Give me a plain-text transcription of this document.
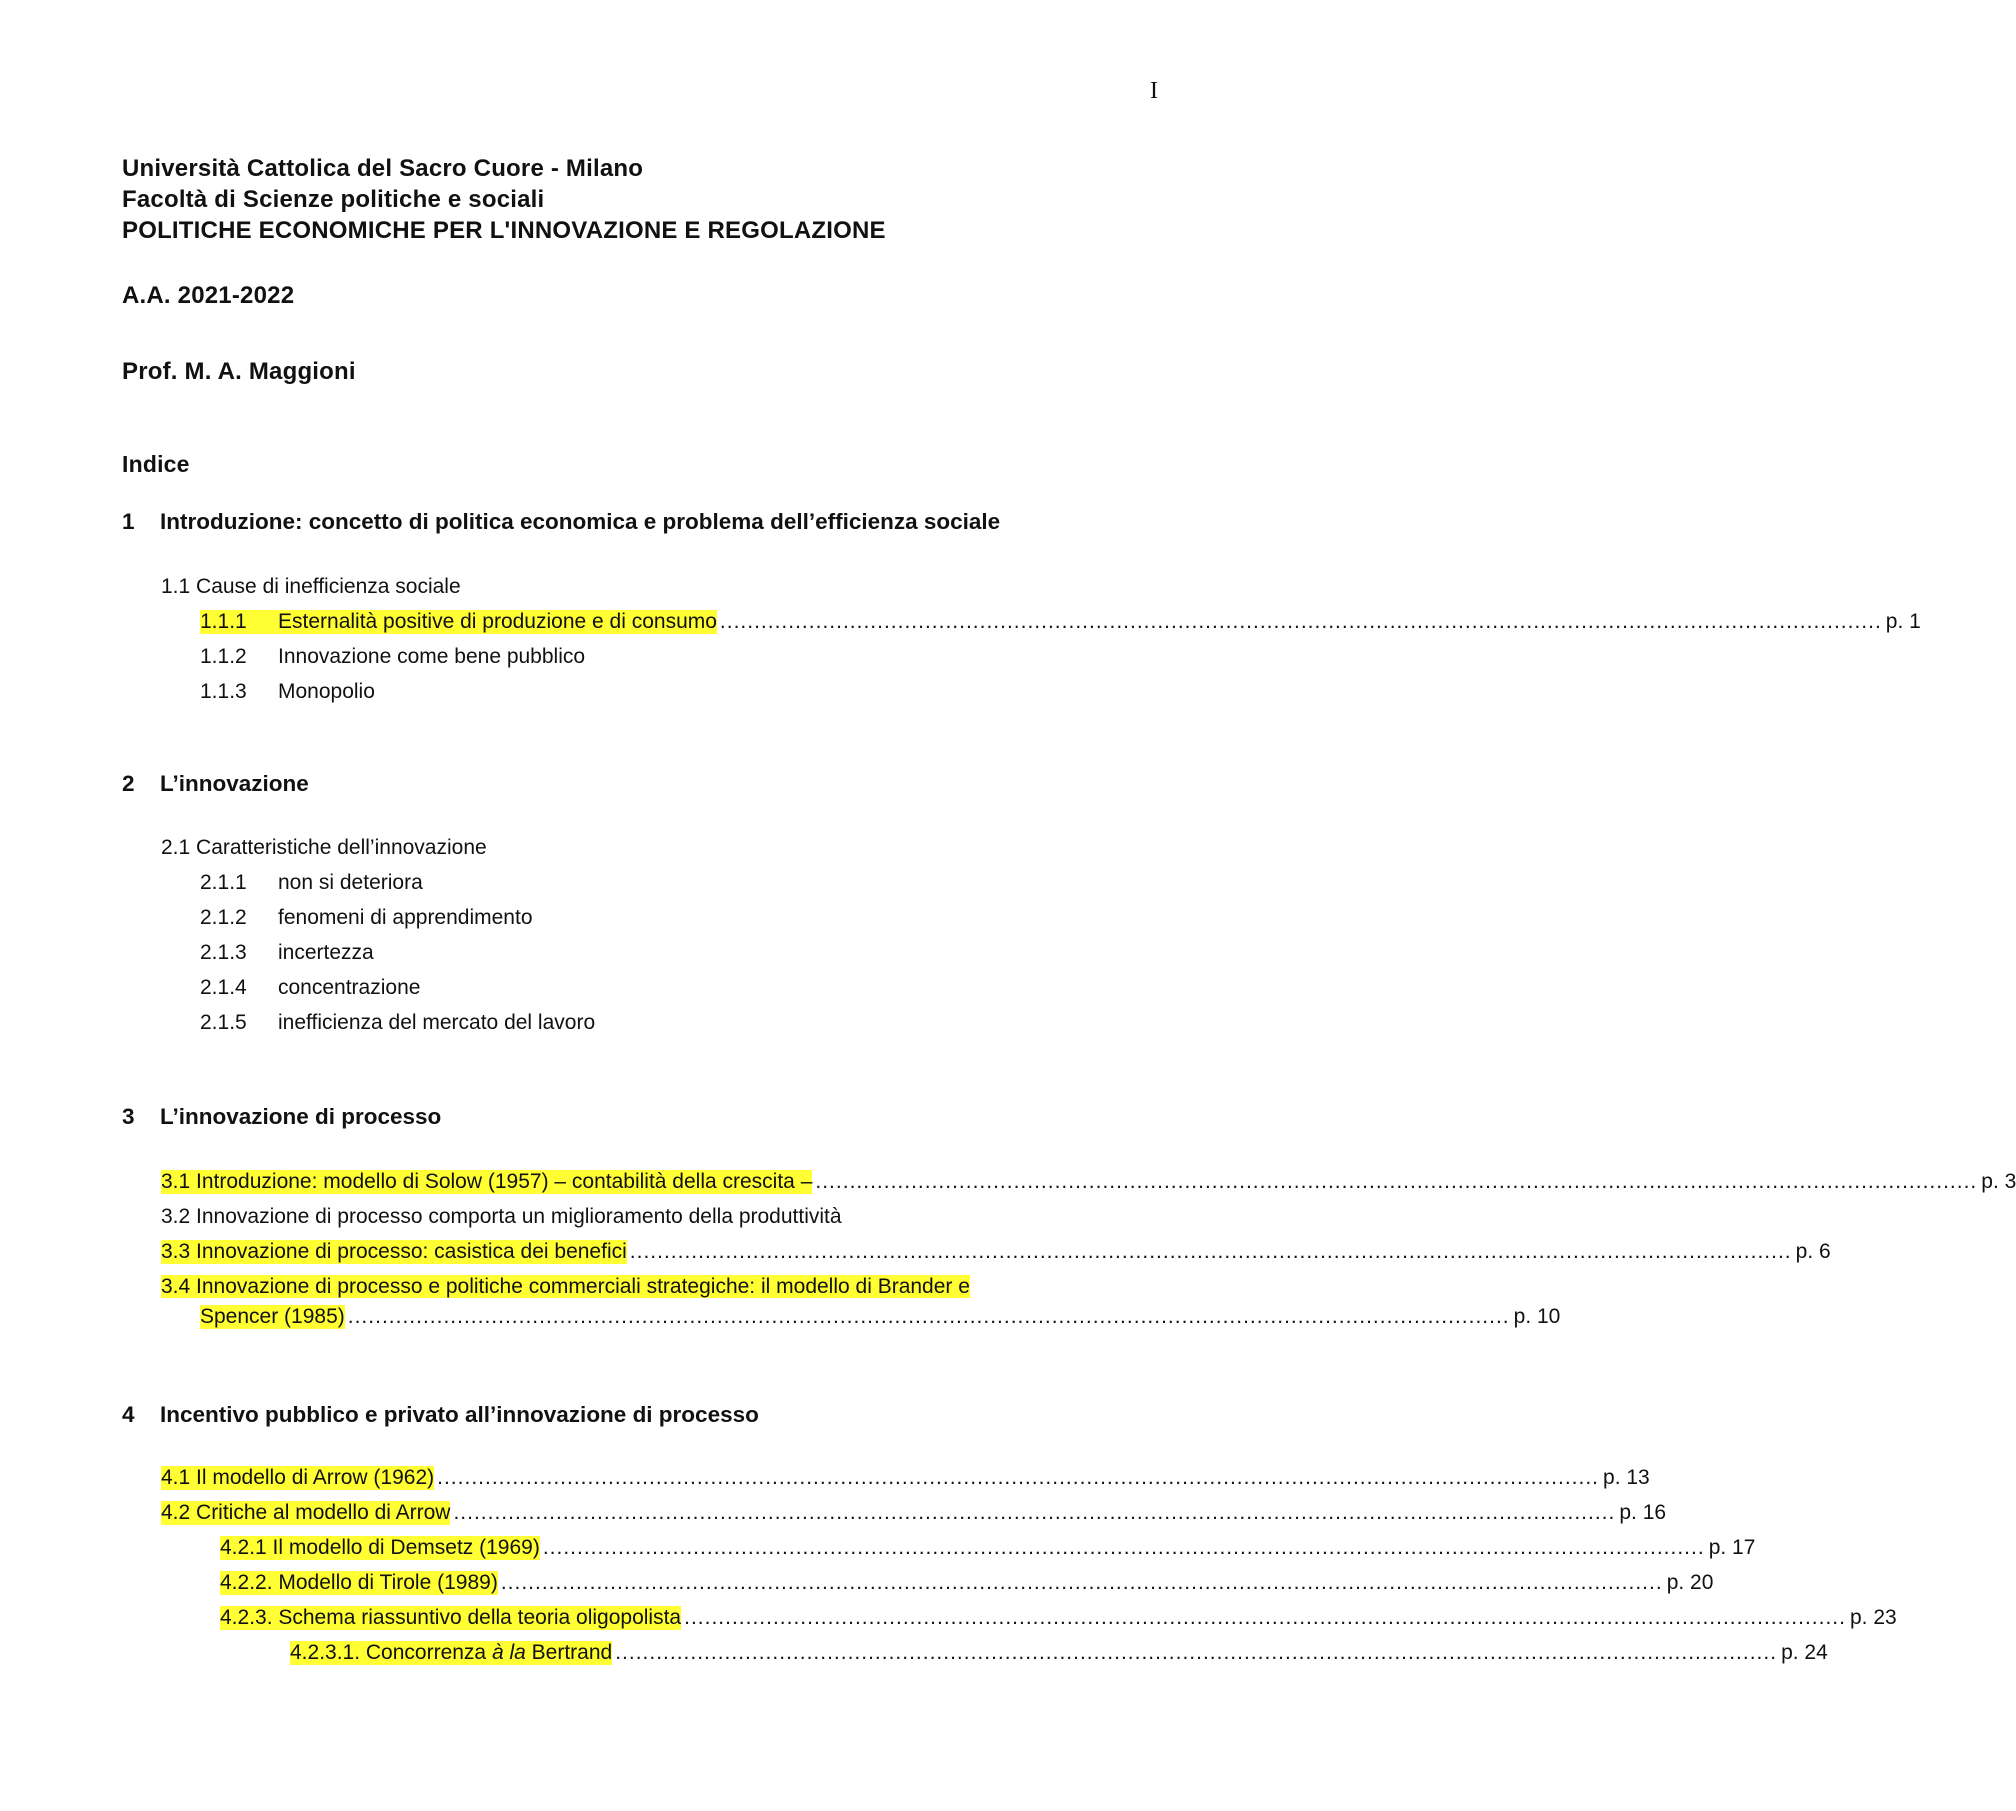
I
Università Cattolica del Sacro Cuore - Milano
Facoltà di Scienze politiche e sociali
POLITICHE ECONOMICHE PER L'INNOVAZIONE E REGOLAZIONE
A.A. 2021-2022
Prof. M. A. Maggioni
Indice
1 Introduzione: concetto di politica economica e problema dell’efficienza sociale
1.1 Cause di inefficienza sociale
1.1.1 Esternalità positive di produzione e di consumo .......................................................................................................................................................................... p. 1
1.1.2	Innovazione come bene pubblico
1.1.3	Monopolio
2 L’innovazione
2.1 Caratteristiche dell’innovazione
2.1.1	non si deteriora
2.1.2	fenomeni di apprendimento
2.1.3	incertezza
2.1.4	concentrazione
2.1.5	inefficienza del mercato del lavoro
3 L’innovazione di processo
3.1 Introduzione: modello di Solow (1957) – contabilità della crescita – .......................................................................................................................................................................... p. 3
3.2 Innovazione di processo comporta un miglioramento della produttività
3.3 Innovazione di processo: casistica dei benefici .......................................................................................................................................................................... p. 6
3.4 Innovazione di processo e politiche commerciali strategiche: il modello di Brander e
Spencer (1985) .......................................................................................................................................................................... p. 10
4 Incentivo pubblico e privato all’innovazione di processo
4.1 Il modello di Arrow (1962) .......................................................................................................................................................................... p. 13
4.2 Critiche al modello di Arrow .......................................................................................................................................................................... p. 16
4.2.1 Il modello di Demsetz (1969) .......................................................................................................................................................................... p. 17
4.2.2. Modello di Tirole (1989) .......................................................................................................................................................................... p. 20
4.2.3. Schema riassuntivo della teoria oligopolista .......................................................................................................................................................................... p. 23
4.2.3.1. Concorrenza à la Bertrand .......................................................................................................................................................................... p. 24
